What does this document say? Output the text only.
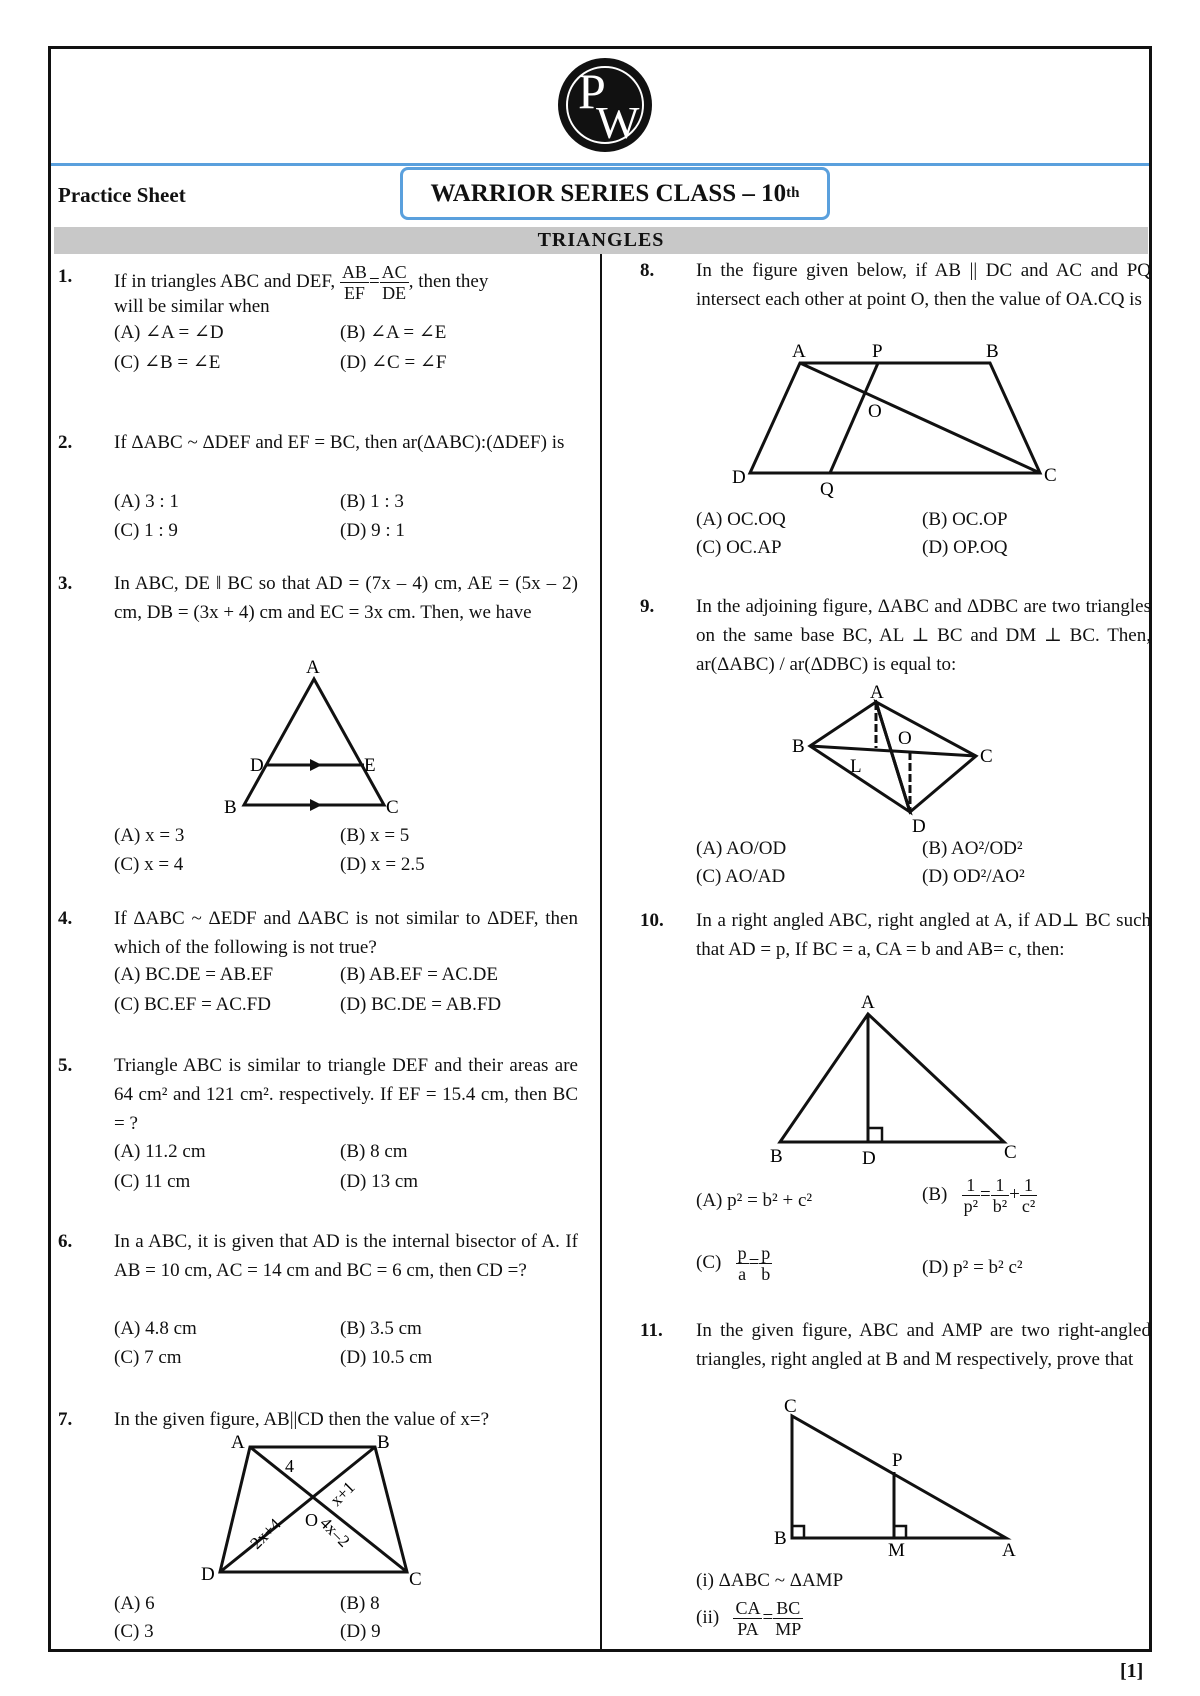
P
W
Practice Sheet	WARRIOR SERIES CLASS – 10 th
TRIANGLES
1. If in triangles ABC and DEF, $\frac{AB}{EF} = \frac{AC}{DE}$ , then they
will be similar when
(A) ∠A = ∠D	(B) ∠A = ∠E
(C) ∠B = ∠E	(D) ∠C = ∠F
2. If ΔABC ~ ΔDEF and EF = BC, then ar(ΔABC):(ΔDEF) is
(A) 3 : 1	(B) 1 : 3
(C) 1 : 9	(D) 9 : 1
3. In ABC, DE ‖ BC so that AD = (7x – 4) cm, AE = (5x – 2) cm, DB = (3x + 4) cm and EC = 3x cm. Then, we have
A
D	E
B	C
(A) x = 3	(B) x = 5
(C) x = 4	(D) x = 2.5
4. If ΔABC ~ ΔEDF and ΔABC is not similar to ΔDEF, then which of the following is not true?
(A) BC.DE = AB.EF	(B) AB.EF = AC.DE
(C) BC.EF = AC.FD	(D) BC.DE = AB.FD
5. Triangle ABC is similar to triangle DEF and their areas are 64 cm² and 121 cm². respectively. If EF = 15.4 cm, then BC = ?
(A) 11.2 cm	(B) 8 cm
(C) 11 cm	(D) 13 cm
6. In a ABC, it is given that AD is the internal bisector of A. If AB = 10 cm, AC = 14 cm and BC = 6 cm, then CD =?
(A) 4.8 cm	(B) 3.5 cm
(C) 7 cm	(D) 10.5 cm
7. In the given figure, AB||CD then the value of x=?
A	B
C
D
O
4
x+1
2x+4 4x–2
(A) 6	(B) 8
(C) 3	(D) 9
8. In the figure given below, if AB || DC and AC and PQ intersect each other at point O, then the value of OA.CQ is
A	P	B
O
D
Q
C
(A) OC.OQ	(B) OC.OP
(C) OC.AP	(D) OP.OQ
9. In the adjoining figure, ΔABC and ΔDBC are two triangles on the same base BC, AL ⊥ BC and DM ⊥ BC. Then, ar(ΔABC) / ar(ΔDBC) is equal to:
A
B	O
C
L
D
(A) AO/OD	(B) AO²/OD²
(C) AO/AD	(D) OD²/AO²
10. In a right angled ABC, right angled at A, if AD⊥ BC such that AD = p, If BC = a, CA = b and AB= c, then:
A
B	D	C
(A) p² = b² + c²	$(B) \frac{1}{\text{p²}} = \frac{1}{\text{b²}} + \frac{1}{\text{c²}}$
$(C) \frac{p}{a} = \frac{p}{b}$	(D) p² = b² c²
11. In the given figure, ABC and AMP are two right-angled triangles, right angled at B and M respectively, prove that
C
P
B
M	A
(i) ΔABC ~ ΔAMP
$(ii) \frac{CA}{PA} = \frac{BC}{MP}$
[1]
